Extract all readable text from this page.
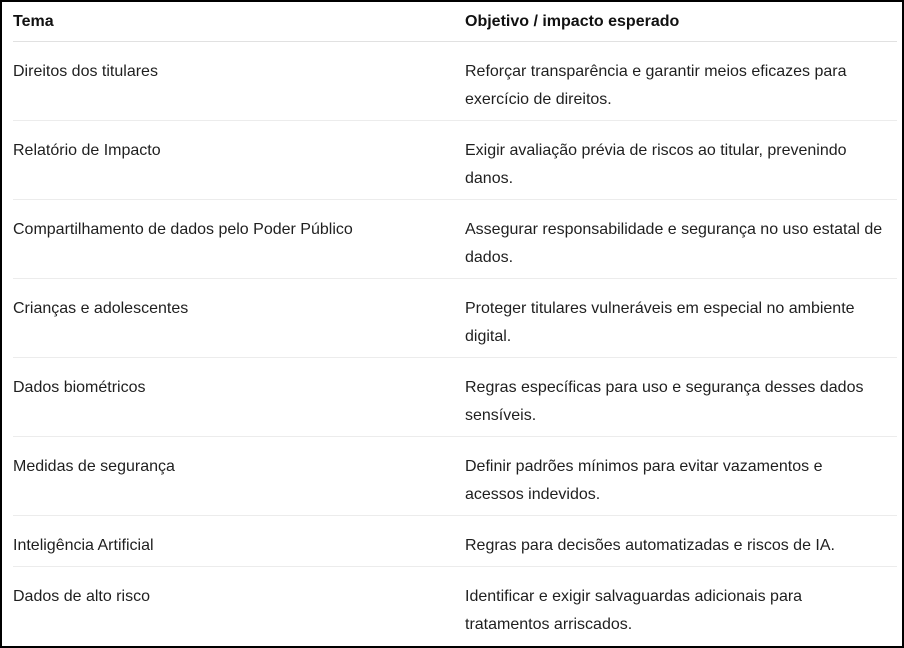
Tema	Objetivo / impacto esperado
Direitos dos titulares	Reforçar transparência e garantir meios eficazes para exercício de direitos.
Relatório de Impacto	Exigir avaliação prévia de riscos ao titular, prevenindo danos.
Compartilhamento de dados pelo Poder Público	Assegurar responsabilidade e segurança no uso estatal de dados.
Crianças e adolescentes	Proteger titulares vulneráveis em especial no ambiente digital.
Dados biométricos	Regras específicas para uso e segurança desses dados sensíveis.
Medidas de segurança	Definir padrões mínimos para evitar vazamentos e acessos indevidos.
Inteligência Artificial	Regras para decisões automatizadas e riscos de IA.
Dados de alto risco	Identificar e exigir salvaguardas adicionais para tratamentos arriscados.
